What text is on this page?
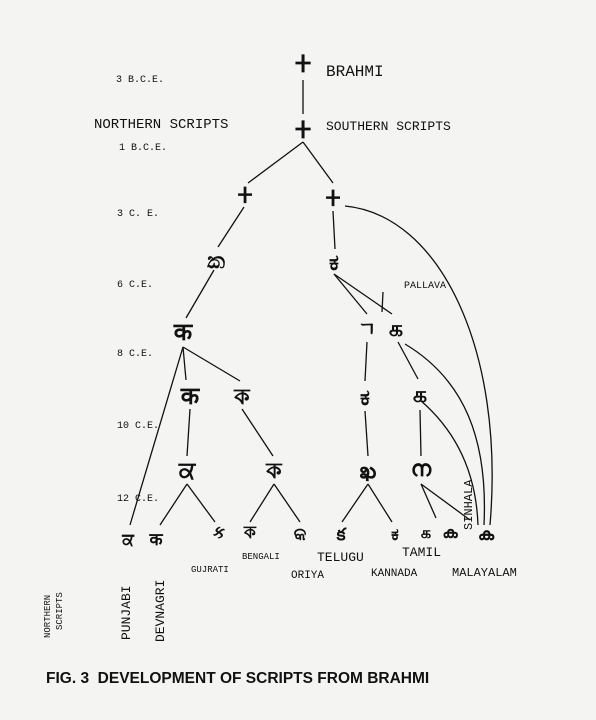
3 B.C.E.
1 B.C.E.
3 C. E.
6 C.E.
8 C.E.
10 C.E.
12 C.E.
BRAHMI
NORTHERN SCRIPTS	SOUTHERN SCRIPTS
PALLAVA
𑀓
𑀓
𑀓	𑀓
ක	ಕ
क	ㄱ க
क ক	ಕ க
ਕ	ক	ఖ ന
ਕ क	ક ক କ క	ಕ க ക ക
GUJRATI
BENGALI
ORIYA
TELUGU
KANNADA
TAMIL
MALAYALAM
SINHALA
PUNJABI DEVNAGRI
NORTHERN SCRIPTS
FIG. 3  DEVELOPMENT OF SCRIPTS FROM BRAHMI
